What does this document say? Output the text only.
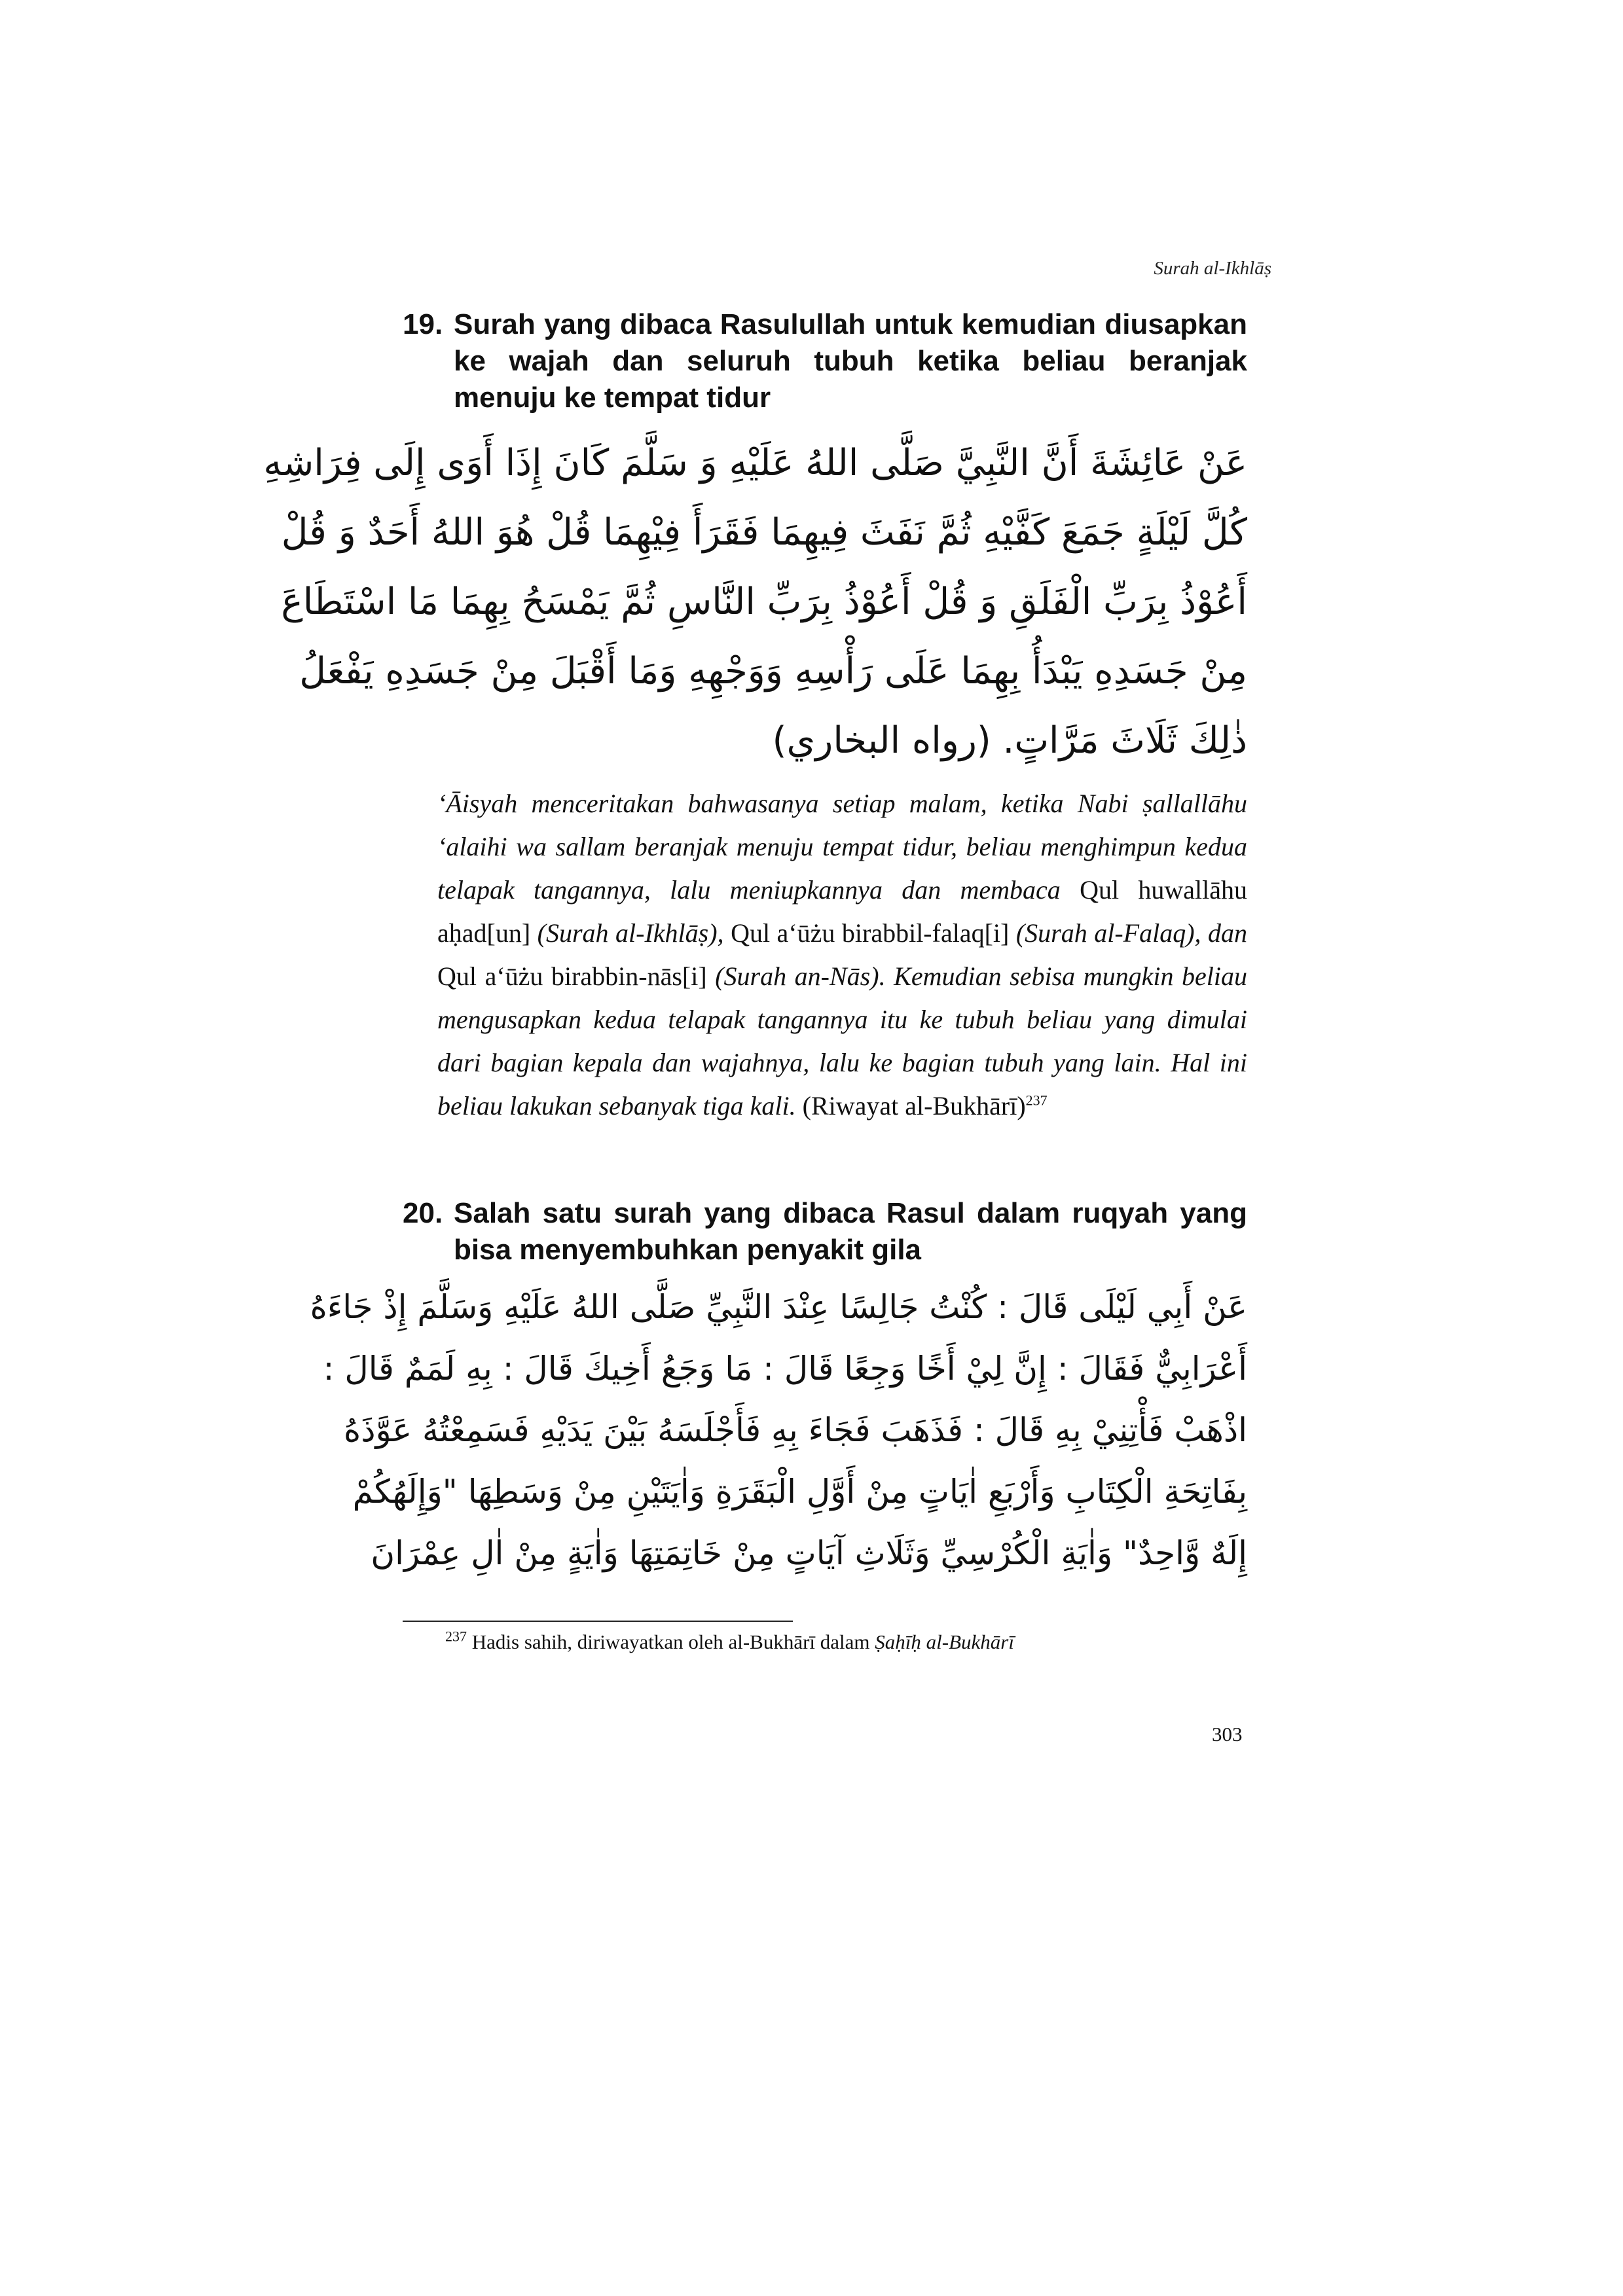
Surah al-Ikhlāṣ
19. Surah yang dibaca Rasulullah untuk kemudian diusapkan ke wajah dan seluruh tubuh ketika beliau beranjak menuju ke tempat tidur
عَنْ عَائِشَةَ أَنَّ النَّبِيَّ صَلَّى اللهُ عَلَيْهِ وَ سَلَّمَ كَانَ إِذَا أَوَى إِلَى فِرَاشِهِ
كُلَّ لَيْلَةٍ جَمَعَ كَفَّيْهِ ثُمَّ نَفَثَ فِيهِمَا فَقَرَأَ فِيْهِمَا قُلْ هُوَ اللهُ أَحَدٌ وَ قُلْ
أَعُوْذُ بِرَبِّ الْفَلَقِ وَ قُلْ أَعُوْذُ بِرَبِّ النَّاسِ ثُمَّ يَمْسَحُ بِهِمَا مَا اسْتَطَاعَ
مِنْ جَسَدِهِ يَبْدَأُ بِهِمَا عَلَى رَأْسِهِ وَوَجْهِهِ وَمَا أَقْبَلَ مِنْ جَسَدِهِ يَفْعَلُ
ذٰلِكَ ثَلَاثَ مَرَّاتٍ. (رواه البخاري)
‘Āisyah menceritakan bahwasanya setiap malam, ketika Nabi ṣallallāhu ‘alaihi wa sallam beranjak menuju tempat tidur, beliau menghimpun kedua telapak tangannya, lalu meniupkannya dan membaca Qul huwallāhu aḥad[un] (Surah al-Ikhlāṣ), Qul a‘ūżu birabbil-falaq[i] (Surah al-Falaq), dan Qul a‘ūżu birabbin-nās[i] (Surah an-Nās). Kemudian sebisa mungkin beliau mengusapkan kedua telapak tangannya itu ke tubuh beliau yang dimulai dari bagian kepala dan wajahnya, lalu ke bagian tubuh yang lain. Hal ini beliau lakukan sebanyak tiga kali. (Riwayat al-Bukhārī)$^{237}$
20. Salah satu surah yang dibaca Rasul dalam ruqyah yang bisa menyembuhkan penyakit gila
عَنْ أَبِي لَيْلَى قَالَ : كُنْتُ جَالِسًا عِنْدَ النَّبِيِّ صَلَّى اللهُ عَلَيْهِ وَسَلَّمَ إِذْ جَاءَهُ
أَعْرَابِيٌّ فَقَالَ : إِنَّ لِيْ أَخًا وَجِعًا قَالَ : مَا وَجَعُ أَخِيكَ قَالَ : بِهِ لَمَمٌ قَالَ :
اذْهَبْ فَأْتِنِيْ بِهِ قَالَ : فَذَهَبَ فَجَاءَ بِهِ فَأَجْلَسَهُ بَيْنَ يَدَيْهِ فَسَمِعْتُهُ عَوَّذَهُ
بِفَاتِحَةِ الْكِتَابِ وَأَرْبَعِ اٰيَاتٍ مِنْ أَوَّلِ الْبَقَرَةِ وَاٰيَتَيْنِ مِنْ وَسَطِهَا "وَإِلَهُكُمْ
إِلَهٌ وَّاحِدٌ" وَاٰيَةِ الْكُرْسِيِّ وَثَلَاثِ آيَاتٍ مِنْ خَاتِمَتِهَا وَاٰيَةٍ مِنْ اٰلِ عِمْرَانَ
$^{237}$ Hadis sahih, diriwayatkan oleh al-Bukhārī dalam Ṣaḥīḥ al-Bukhārī
303
